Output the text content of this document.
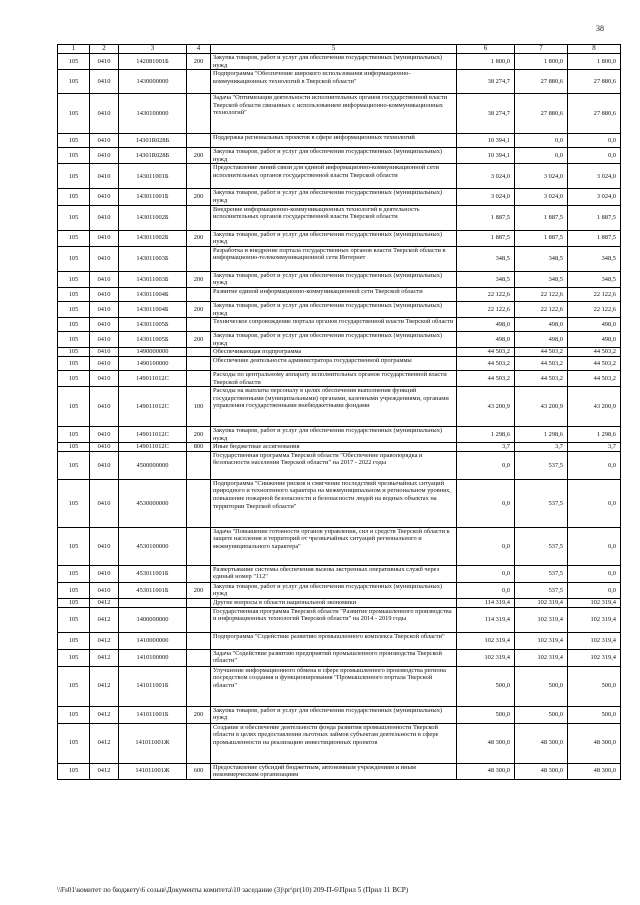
38
1	2	3	4	5	6	7	8
105	0410	142081001Б	200	Закупка товаров, работ и услуг для обеспечения государственных (муниципальных) нужд	1 800,0	1 800,0	1 800,0
105	0410	1430000000		Подпрограмма "Обеспечение широкого использования информационно-коммуникационных технологий в Тверской области"	38 274,7	27 880,6	27 880,6
105	0410	1430100000		Задача "Оптимизация деятельности исполнительных органов государственной власти Тверской области связанных с использованием информационно-коммуникационных технологий"	38 274,7	27 880,6	27 880,6
105	0410	14301R028Б		Поддержка региональных проектов в сфере информационных технологий	10 394,1	0,0	0,0
105	0410	14301R028Б	200	Закупка товаров, работ и услуг для обеспечения государственных (муниципальных) нужд	10 394,1	0,0	0,0
105	0410	143011001Б		Предоставление линий связи для единой информационно-коммуникационной сети исполнительных органов государственной власти Тверской области	3 024,0	3 024,0	3 024,0
105	0410	143011001Б	200	Закупка товаров, работ и услуг для обеспечения государственных (муниципальных) нужд	3 024,0	3 024,0	3 024,0
105	0410	143011002Б		Внедрение информационно-коммуникационных технологий в деятельность исполнительных органов государственной власти Тверской области	1 887,5	1 887,5	1 887,5
105	0410	143011002Б	200	Закупка товаров, работ и услуг для обеспечения государственных (муниципальных) нужд	1 887,5	1 887,5	1 887,5
105	0410	143011003Б		Разработка и внедрение портала государственных органов власти Тверской области в информационно-телекоммуникационной сети Интернет	348,5	348,5	348,5
105	0410	143011003Б	200	Закупка товаров, работ и услуг для обеспечения государственных (муниципальных) нужд	348,5	348,5	348,5
105	0410	143011004Б		Развитие единой информационно-коммуникационной сети Тверской области	22 122,6	22 122,6	22 122,6
105	0410	143011004Б	200	Закупка товаров, работ и услуг для обеспечения государственных (муниципальных) нужд	22 122,6	22 122,6	22 122,6
105	0410	143011005Б		Техническое сопровождение портала органов государственной власти Тверской области	498,0	498,0	498,0
105	0410	143011005Б	200	Закупка товаров, работ и услуг для обеспечения государственных (муниципальных) нужд	498,0	498,0	498,0
105	0410	1490000000		Обеспечивающая подпрограмма	44 503,2	44 503,2	44 503,2
105	0410	1490100000		Обеспечение деятельности администратора государственной программы	44 503,2	44 503,2	44 503,2
105	0410	149011012С		Расходы по центральному аппарату исполнительных органов государственной власти Тверской области	44 503,2	44 503,2	44 503,2
105	0410	149011012С	100	Расходы на выплаты персоналу в целях обеспечения выполнения функций государственными (муниципальными) органами, казенными учреждениями, органами управления государственными внебюджетными фондами	43 200,9	43 200,9	43 200,9
105	0410	149011012С	200	Закупка товаров, работ и услуг для обеспечения государственных (муниципальных) нужд	1 298,6	1 298,6	1 298,6
105	0410	149011012С	800	Иные бюджетные ассигнования	3,7	3,7	3,7
105	0410	4500000000		Государственная программа Тверской области "Обеспечение правопорядка и безопасности населения Тверской области" на 2017 - 2022 годы	0,0	537,5	0,0
105	0410	4530000000		Подпрограмма "Снижение рисков и смягчение последствий чрезвычайных ситуаций природного и техногенного характера на межмуниципальном и региональном уровнях, повышение пожарной безопасности и безопасности людей на водных объектах на территории Тверской области"	0,0	537,5	0,0
105	0410	4530100000		Задача "Повышение готовности органов управления, сил и средств Тверской области к защите населения и территорий от чрезвычайных ситуаций регионального и межмуниципального характера"	0,0	537,5	0,0
105	0410	453011001Б		Развертывание системы обеспечения вызова экстренных оперативных служб через единый номер "112"	0,0	537,5	0,0
105	0410	453011001Б	200	Закупка товаров, работ и услуг для обеспечения государственных (муниципальных) нужд	0,0	537,5	0,0
105	0412			Другие вопросы в области национальной экономики	114 319,4	102 319,4	102 319,4
105	0412	1400000000		Государственная программа Тверской области "Развитие промышленного производства и информационных технологий Тверской области" на 2014 - 2019 годы	114 319,4	102 319,4	102 319,4
105	0412	1410000000		Подпрограмма "Содействие развитию промышленного комплекса Тверской области"	102 319,4	102 319,4	102 319,4
105	0412	1410100000		Задача "Содействие развитию предприятий промышленного производства Тверской области"	102 319,4	102 319,4	102 319,4
105	0412	141011001Б		Улучшение информационного обмена в сфере промышленного производства региона посредством создания и функционирования "Промышленного портала Тверской области"	500,0	500,0	500,0
105	0412	141011001Б	200	Закупка товаров, работ и услуг для обеспечения государственных (муниципальных) нужд	500,0	500,0	500,0
105	0412	141011001Ж		Создание и обеспечение деятельности фонда развития промышленности Тверской области в целях предоставления льготных займов субъектам деятельности в сфере промышленности на реализацию инвестиционных проектов	48 300,0	48 300,0	48 300,0
105	0412	141011001Ж	600	Предоставление субсидий бюджетным, автономным учреждениям и иным некоммерческим организациям	48 300,0	48 300,0	48 300,0
\\Fs01\комитет по бюджету\6 созыв\Документы комитета\10 заседание (3)\рг\рг(10) 209-П-6\Прил 5 (Прил 11 ВСР)
